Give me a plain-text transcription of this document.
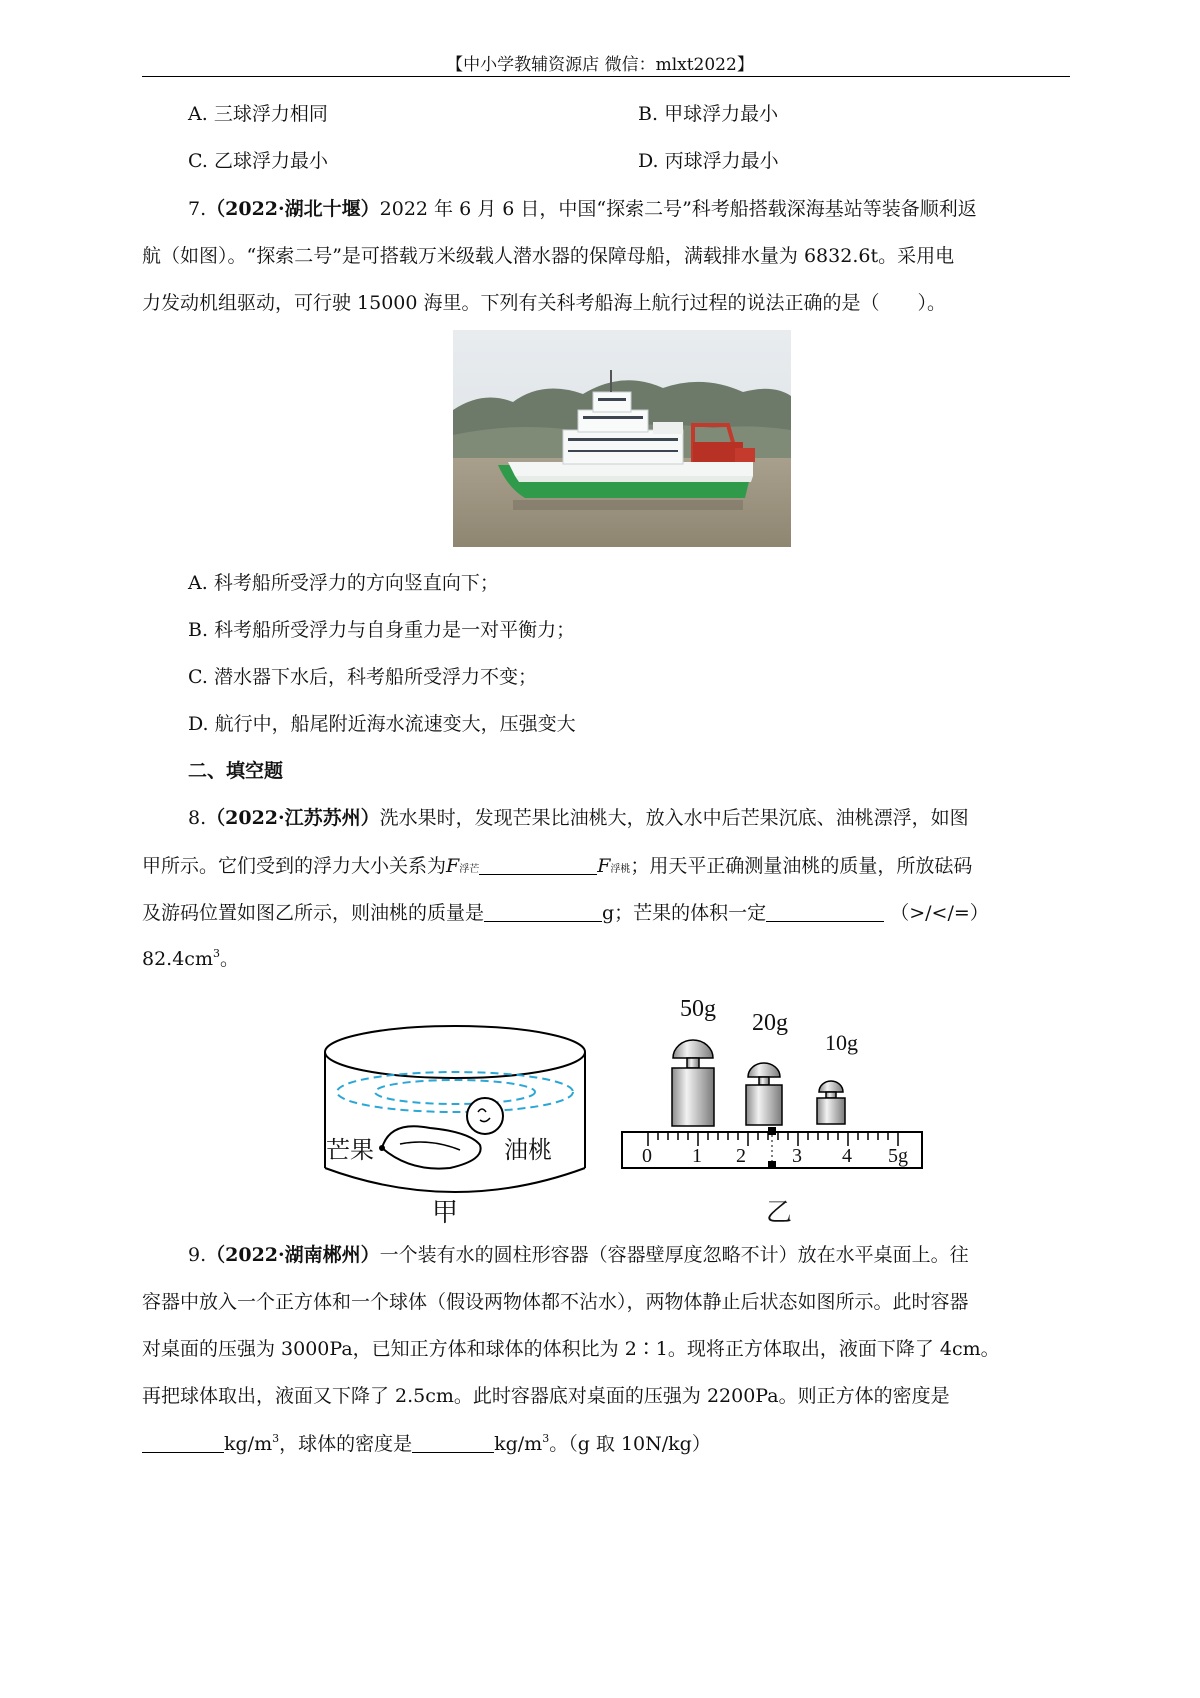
【中小学教辅资源店 微信：mlxt2022】
A. 三球浮力相同	B. 甲球浮力最小
C. 乙球浮力最小	D. 丙球浮力最小
7.（2022·湖北十堰）2022 年 6 月 6 日，中国“探索二号”科考船搭载深海基站等装备顺利返
航（如图）。“探索二号”是可搭载万米级载人潜水器的保障母船，满载排水量为 6832.6t。采用电
力发动机组驱动，可行驶 15000 海里。下列有关科考船海上航行过程的说法正确的是（　　）。
A. 科考船所受浮力的方向竖直向下；
B. 科考船所受浮力与自身重力是一对平衡力；
C. 潜水器下水后，科考船所受浮力不变；
D. 航行中，船尾附近海水流速变大，压强变大
二、填空题
8.（2022·江苏苏州）洗水果时，发现芒果比油桃大，放入水中后芒果沉底、油桃漂浮，如图
甲所示。它们受到的浮力大小关系为F浮芒	F浮桃；用天平正确测量油桃的质量，所放砝码
及游码位置如图乙所示，则油桃的质量是	g；芒果的体积一定	（>/</=）
$82.4cm^3$。
芒果	油桃
甲
50g
20g
10g
0 1 2 3 4 5g
乙
9.（2022·湖南郴州）一个装有水的圆柱形容器（容器壁厚度忽略不计）放在水平桌面上。往
容器中放入一个正方体和一个球体（假设两物体都不沾水），两物体静止后状态如图所示。此时容器
对桌面的压强为 3000Pa，已知正方体和球体的体积比为 2∶1。现将正方体取出，液面下降了 4cm。
再把球体取出，液面又下降了 2.5cm。此时容器底对桌面的压强为 2200Pa。则正方体的密度是
$kg/m^3$，球体的密度是	$kg/m^3$。（g 取 10N/kg）
